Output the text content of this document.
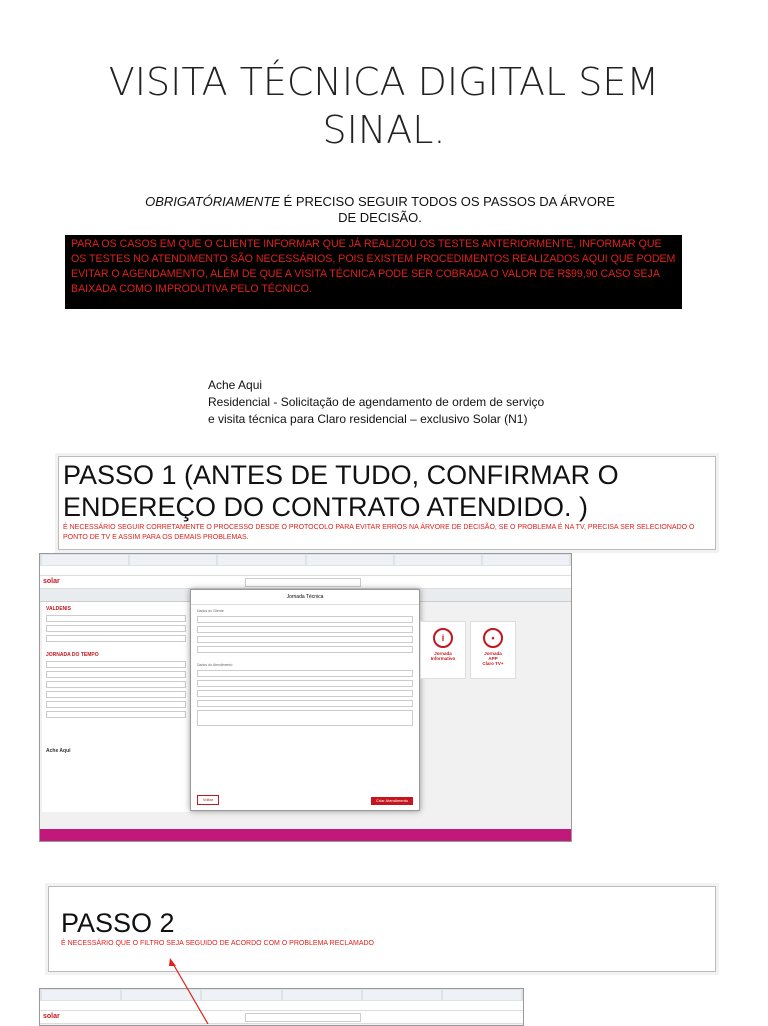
VISITA TÉCNICA DIGITAL SEM
SINAL.
OBRIGATÓRIAMENTE É PRECISO SEGUIR TODOS OS PASSOS DA ÁRVORE
DE DECISÃO.
PARA OS CASOS EM QUE O CLIENTE INFORMAR QUE JÁ REALIZOU OS TESTES ANTERIORMENTE, INFORMAR QUE OS TESTES NO ATENDIMENTO SÃO NECESSÁRIOS, POIS EXISTEM PROCEDIMENTOS REALIZADOS AQUI QUE PODEM EVITAR O AGENDAMENTO, ALÉM DE QUE A VISITA TÉCNICA PODE SER COBRADA O VALOR DE R$99,90 CASO SEJA BAIXADA COMO IMPRODUTIVA PELO TÉCNICO.
Ache Aqui
Residencial - Solicitação de agendamento de ordem de serviço
e visita técnica para Claro residencial – exclusivo Solar (N1)
PASSO 1 (ANTES DE TUDO, CONFIRMAR O
ENDEREÇO DO CONTRATO ATENDIDO. )
É NECESSÁRIO SEGUIR CORRETAMENTE O PROCESSO DESDE O PROTOCOLO PARA EVITAR ERROS NA ÁRVORE DE DECISÃO, SE O PROBLEMA É NA TV, PRECISA SER SELECIONADO O PONTO DE TV E ASSIM PARA OS DEMAIS PROBLEMAS.
solar
VALDENIS
JORNADA DO TEMPO
Ache Aqui
Jornada Técnica
Dados do Cliente
Dados do Atendimento
Voltar	Criar Atendimento
i
Jornada
Informativo
•
Jornada
APP
Claro TV+
PASSO 2
É NECESSÁRIO QUE O FILTRO SEJA SEGUIDO DE ACORDO COM O PROBLEMA RECLAMADO
solar
